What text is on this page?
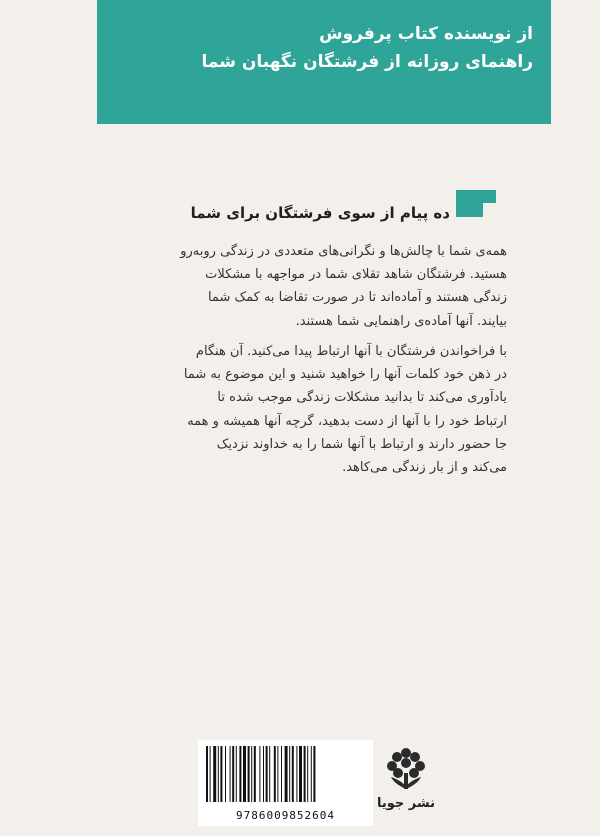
از نویسنده کتاب پرفروش
راهنمای روزانه از فرشتگان نگهبان شما
ده پیام از سوی فرشتگان برای شما
همه‌ی شما با چالش‌ها و نگرانی‌های متعددی در زندگی روبه‌رو
هستید. فرشتگان شاهد تقلای شما در مواجهه با مشکلات
زندگی هستند و آماده‌اند تا در صورت تقاضا به کمک شما
بیایند. آنها آماده‌ی راهنمایی شما هستند.
با فراخواندن فرشتگان با آنها ارتباط پیدا می‌کنید. آن هنگام
در ذهن خود کلمات آنها را خواهید شنید و این موضوع به شما
یادآوری می‌کند تا بدانید مشکلات زندگی موجب شده تا
ارتباط خود را با آنها از دست بدهید، گرچه آنها همیشه و همه
جا حضور دارند و ارتباط با آنها شما را به خداوند نزدیک
می‌کند و از بار زندگی می‌کاهد.
9786009852604
نشر جویا
